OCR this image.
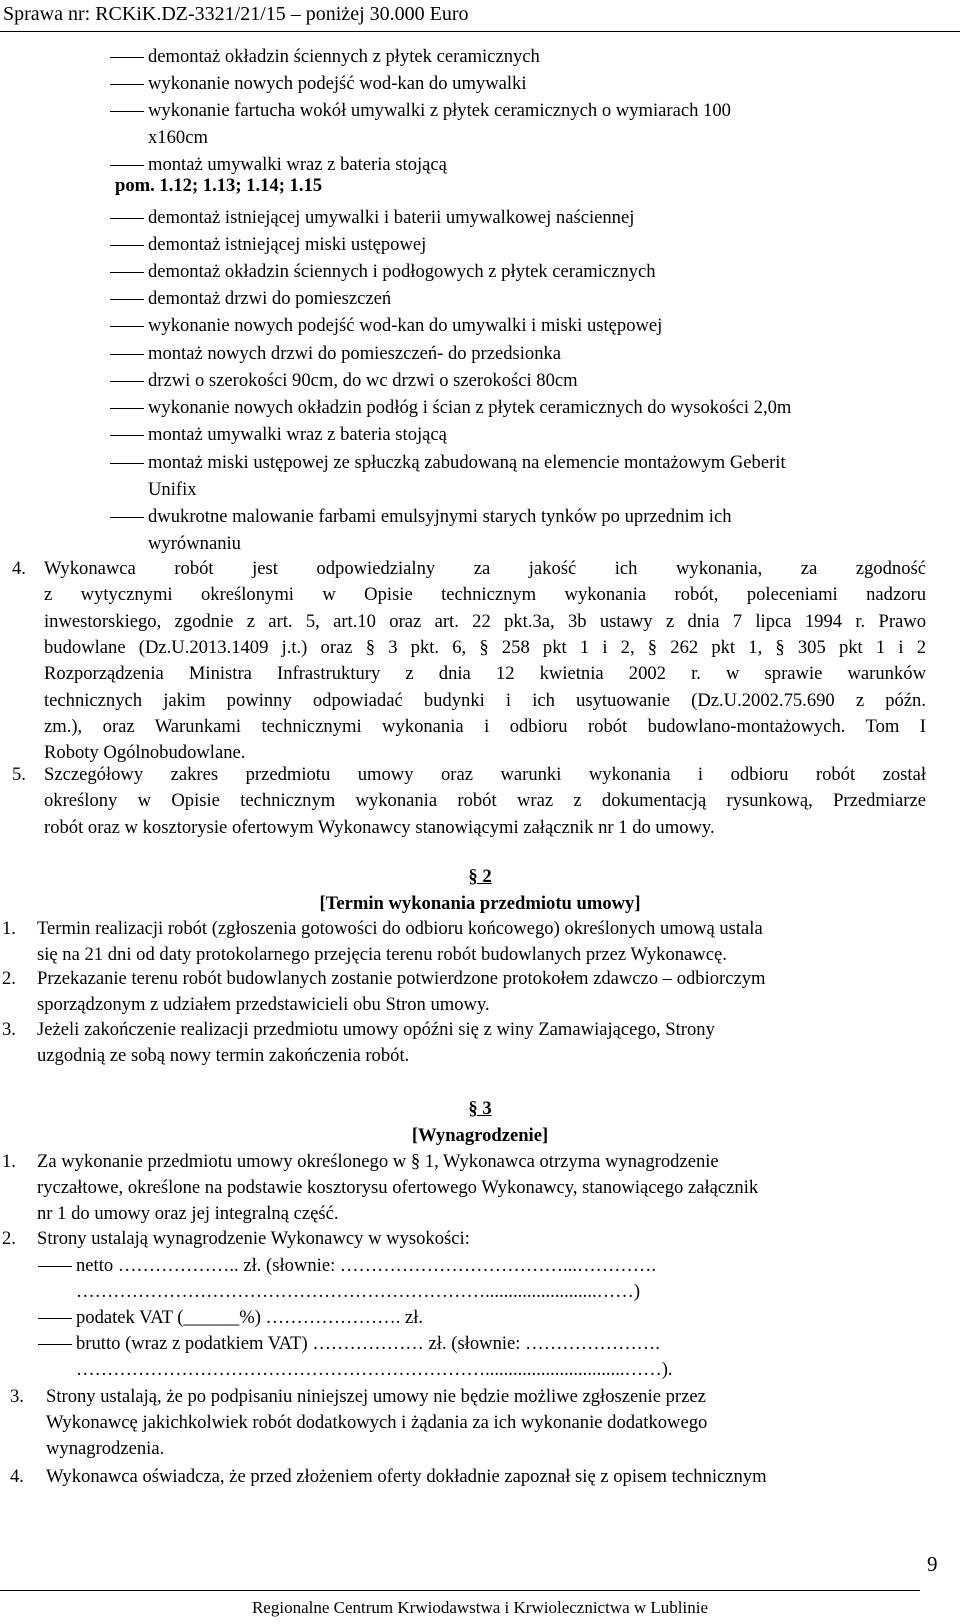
Sprawa nr: RCKiK.DZ-3321/21/15 – poniżej 30.000 Euro
demontaż okładzin ściennych z płytek ceramicznych
wykonanie nowych podejść wod-kan do umywalki
wykonanie fartucha wokół umywalki z płytek ceramicznych o wymiarach 100
x160cm
montaż umywalki wraz z bateria stojącą
pom. 1.12; 1.13; 1.14; 1.15
demontaż istniejącej umywalki i baterii umywalkowej naściennej
demontaż istniejącej miski ustępowej
demontaż okładzin ściennych i podłogowych z płytek ceramicznych
demontaż drzwi do pomieszczeń
wykonanie nowych podejść wod-kan do umywalki i miski ustępowej
montaż nowych drzwi do pomieszczeń- do przedsionka
drzwi o szerokości 90cm, do wc drzwi o szerokości 80cm
wykonanie nowych okładzin podłóg i ścian z płytek ceramicznych do wysokości 2,0m
montaż umywalki wraz z bateria stojącą
montaż miski ustępowej ze spłuczką zabudowaną na elemencie montażowym Geberit
Unifix
dwukrotne malowanie farbami emulsyjnymi starych tynków po uprzednim ich
wyrównaniu
4. Wykonawca robót jest odpowiedzialny za jakość ich wykonania, za zgodność
z wytycznymi określonymi w Opisie technicznym wykonania robót, poleceniami nadzoru
inwestorskiego, zgodnie z art. 5, art.10 oraz art. 22 pkt.3a, 3b ustawy z dnia 7 lipca 1994 r. Prawo
budowlane (Dz.U.2013.1409 j.t.) oraz § 3 pkt. 6, § 258 pkt 1 i 2, § 262 pkt 1, § 305 pkt 1 i 2
Rozporządzenia Ministra Infrastruktury z dnia 12 kwietnia 2002 r. w sprawie warunków
technicznych jakim powinny odpowiadać budynki i ich usytuowanie (Dz.U.2002.75.690 z późn.
zm.), oraz Warunkami technicznymi wykonania i odbioru robót budowlano-montażowych. Tom I
Roboty Ogólnobudowlane.
5. Szczegółowy zakres przedmiotu umowy oraz warunki wykonania i odbioru robót został
określony w Opisie technicznym wykonania robót wraz z dokumentacją rysunkową, Przedmiarze
robót oraz w kosztorysie ofertowym Wykonawcy stanowiącymi załącznik nr 1 do umowy.
§ 2
[Termin wykonania przedmiotu umowy]
1. Termin realizacji robót (zgłoszenia gotowości do odbioru końcowego) określonych umową ustala
się na 21 dni od daty protokolarnego przejęcia terenu robót budowlanych przez Wykonawcę.
2. Przekazanie terenu robót budowlanych zostanie potwierdzone protokołem zdawczo – odbiorczym
sporządzonym z udziałem przedstawicieli obu Stron umowy.
3. Jeżeli zakończenie realizacji przedmiotu umowy opóźni się z winy Zamawiającego, Strony
uzgodnią ze sobą nowy termin zakończenia robót.
§ 3
[Wynagrodzenie]
1. Za wykonanie przedmiotu umowy określonego w § 1, Wykonawca otrzyma wynagrodzenie
ryczałtowe, określone na podstawie kosztorysu ofertowego Wykonawcy, stanowiącego załącznik
nr 1 do umowy oraz jej integralną część.
2. Strony ustalają wynagrodzenie Wykonawcy w wysokości:
netto ……………….. zł. (słownie: ………………………………...………….
…………………………………………………………........................……)
podatek VAT (______%) …………………. zł.
brutto (wraz z podatkiem VAT) ……………… zł. (słownie: ………………….
…………………………………………………………..............................……).
3. Strony ustalają, że po podpisaniu niniejszej umowy nie będzie możliwe zgłoszenie przez
Wykonawcę jakichkolwiek robót dodatkowych i żądania za ich wykonanie dodatkowego
wynagrodzenia.
4. Wykonawca oświadcza, że przed złożeniem oferty dokładnie zapoznał się z opisem technicznym
9
Regionalne Centrum Krwiodawstwa i Krwiolecznictwa w Lublinie
